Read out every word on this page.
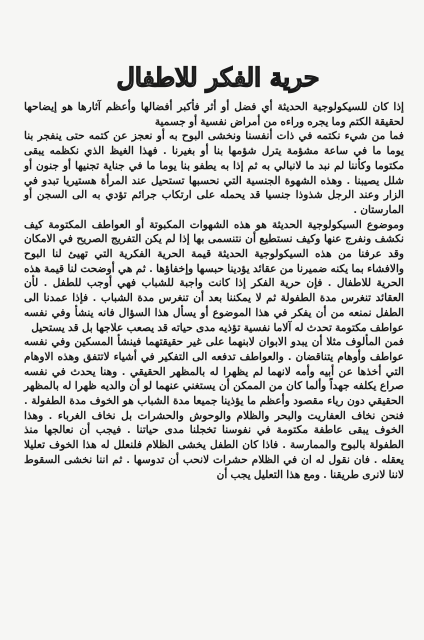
حرية الفكر للاطفال

إذا كان للسيكولوجية الحديثة أي فضل أو أثر فأكبر أفضالها وأعظم آثارها هو إيضاحها لحقيقة الكتم وما يجره وراءه من أمراض نفسية أو جسمية

فما من شيء نكتمه في ذات أنفسنا ونخشى البوح به أو نعجز عن كتمه حتى ينفجر بنا يوما ما في ساعة مشؤمة يترل شؤمها بنا أو بغيرنا . فهذا الغيظ الذي نكظمه يبقى مكتوما وكأننا لم نبد ما لانبالي به ثم إذا به يطفو بنا يوما ما في جناية تجنيها أو جنون أو شلل يصيبنا . وهذه الشهوة الجنسية التي نحسبها تستحيل عند المرأة هستيريا تبدو في الزار وعند الرجل شذوذا جنسيا قد يحمله على ارتكاب جرائم تؤدي به الى السجن أو المارستان .

وموضوع السيكولوجية الحديثة هو هذه الشهوات المكبوتة أو العواطف المكتومة كيف نكشف ونفرج عنها وكيف نستطيع أن نتنسمى بها إذا لم يكن التفريج الصريح في الامكان وقد عرفنا من هذه السيكولوجية الحديثة قيمة الحرية الفكرية التي تهيئ لنا البوح والافشاء بما يكنه ضميرنا من عقائد يؤدينا حبسها وإخفاؤها . ثم هي أوضحت لنا قيمة هذه الحرية للاطفال . فإن حرية الفكر إذا كانت واجبة للشباب فهي أوجب للطفل . لأن العقائد تنغرس مدة الطفولة ثم لا يمكننا بعد أن تنغرس مدة الشباب . فإذا عمدنا الى الطفل نمنعه من أن يفكر في هذا الموضوع أو يسأل هذا السؤال فانه ينشأ وفي نفسه عواطف مكتومة تحدث له آلاما نفسية تؤذيه مدى حياته قد يصعب علاجها بل قد يستحيل

فمن المألوف مثلا أن يبدو الابوان لابنهما على غير حقيقتهما فينشأ المسكين وفي نفسه عواطف وأوهام يتناقضان . والعواطف تدفعه الى التفكير في أشياء لاتتفق وهذه الاوهام التي أخذها عن أبيه وأمه لانهما لم يظهرا له بالمظهر الحقيقي . وهنا يحدث في نفسه صراع يكلفه جهداً وألما كان من الممكن أن يستغني عنهما لو أن والديه ظهرا له بالمظهر الحقيقي دون رياء مقصود وأعظم ما يؤذينا جميعا مدة الشباب هو الخوف مدة الطفولة . فنحن نخاف العفاريت والبحر والظلام والوحوش والحشرات بل نخاف الغرباء . وهذا الخوف يبقى عاطفة مكتومة في نفوسنا تخجلنا مدى حياتنا . فيجب أن نعالجها منذ الطفولة بالبوح والممارسة . فاذا كان الطفل يخشى الظلام فلنعلل له هذا الخوف تعليلا يعقله . فان نقول له ان في الظلام حشرات لانحب أن تدوسها . ثم اننا نخشى السقوط لاننا لانرى طريقنا . ومع هذا التعليل يجب أن
